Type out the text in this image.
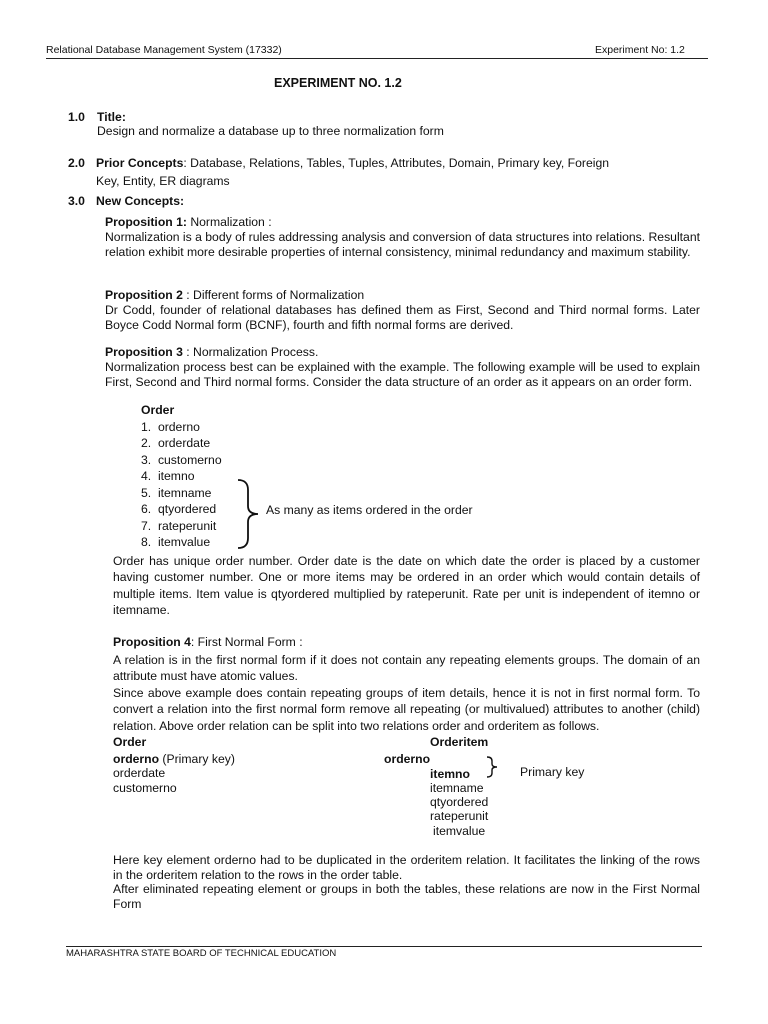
Relational Database Management System (17332)	Experiment No: 1.2
EXPERIMENT NO. 1.2
1.0 Title:
Design and normalize a database up to three normalization form
2.0 Prior Concepts: Database, Relations, Tables, Tuples, Attributes, Domain, Primary key, Foreign
Key, Entity, ER diagrams
3.0 New Concepts:
Proposition 1: Normalization :
Normalization is a body of rules addressing analysis and conversion of data structures into relations. Resultant relation exhibit more desirable properties of internal consistency, minimal redundancy and maximum stability.
Proposition 2 : Different forms of Normalization
Dr Codd, founder of relational databases has defined them as First, Second and Third normal forms. Later Boyce Codd Normal form (BCNF), fourth and fifth normal forms are derived.
Proposition 3 : Normalization Process.
Normalization process best can be explained with the example. The following example will be used to explain First, Second and Third normal forms. Consider the data structure of an order as it appears on an order form.
Order
1.  orderno
2.  orderdate
3.  customerno
4.  itemno
5.  itemname
6.  qtyordered
7.  rateperunit
8.  itemvalue
As many as items ordered in the order
Order has unique order number. Order date is the date on which date the order is placed by a customer having customer number. One or more items may be ordered in an order which would contain details of multiple items. Item value is qtyordered multiplied by rateperunit. Rate per unit is independent of itemno or itemname.
Proposition 4: First Normal Form :
A relation is in the first normal form if it does not contain any repeating elements groups. The domain of an attribute must have atomic values.
Since above example does contain repeating groups of item details, hence it is not in first normal form. To convert a relation into the first normal form remove all repeating (or multivalued) attributes to another (child) relation. Above order relation can be split into two relations order and orderitem as follows.
Order
orderno (Primary key)
orderdate
customerno
Orderitem
orderno
itemno	Primary key
itemname
qtyordered
rateperunit
itemvalue
Here key element orderno had to be duplicated in the orderitem relation. It facilitates the linking of the rows in the orderitem relation to the rows in the order table.
After eliminated repeating element or groups in both the tables, these relations are now in the First Normal Form
MAHARASHTRA STATE BOARD OF TECHNICAL EDUCATION
